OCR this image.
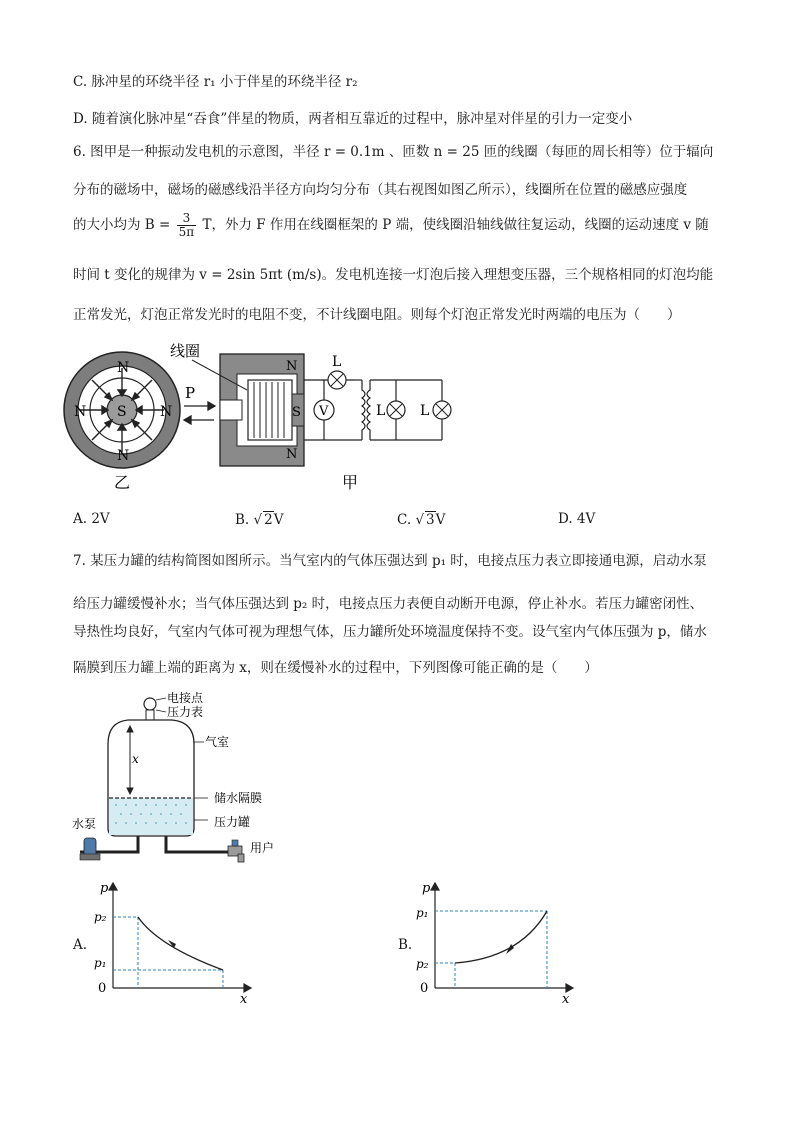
C. 脉冲星的环绕半径 r₁ 小于伴星的环绕半径 r₂
D. 随着演化脉冲星“吞食”伴星的物质，两者相互靠近的过程中，脉冲星对伴星的引力一定变小
6. 图甲是一种振动发电机的示意图，半径 r = 0.1m 、匝数 n = 25 匝的线圈（每匝的周长相等）位于辐向
分布的磁场中，磁场的磁感线沿半径方向均匀分布（其右视图如图乙所示），线圈所在位置的磁感应强度
的大小均为 $B = \frac{3}{5\pi}$ T，外力 F 作用在线圈框架的 P 端，使线圈沿轴线做往复运动，线圈的运动速度 v 随
时间 t 变化的规律为 v = 2sin 5πt (m/s)。发电机连接一灯泡后接入理想变压器，三个规格相同的灯泡均能
正常发光，灯泡正常发光时的电阻不变，不计线圈电阻。则每个灯泡正常发光时两端的电压为（　　）
N
N
N	N
S
乙
P
N
N
S
线圈
L
V	L L
甲
A. 2V	B. √ 2V	C. √ 3V	D. 4V
7. 某压力罐的结构简图如图所示。当气室内的气体压强达到 p₁ 时，电接点压力表立即接通电源，启动水泵
给压力罐缓慢补水；当气体压强达到 p₂ 时，电接点压力表便自动断开电源，停止补水。若压力罐密闭性、
导热性均良好，气室内气体可视为理想气体，压力罐所处环境温度保持不变。设气室内气体压强为 p，储水
隔膜到压力罐上端的距离为 x，则在缓慢补水的过程中，下列图像可能正确的是（　　）
电接点
压力表
x
气室
储水隔膜
压力罐
水泵
用户
A.
p
x
0
p₂
p₁
B.
p
x
0
p₁
p₂
